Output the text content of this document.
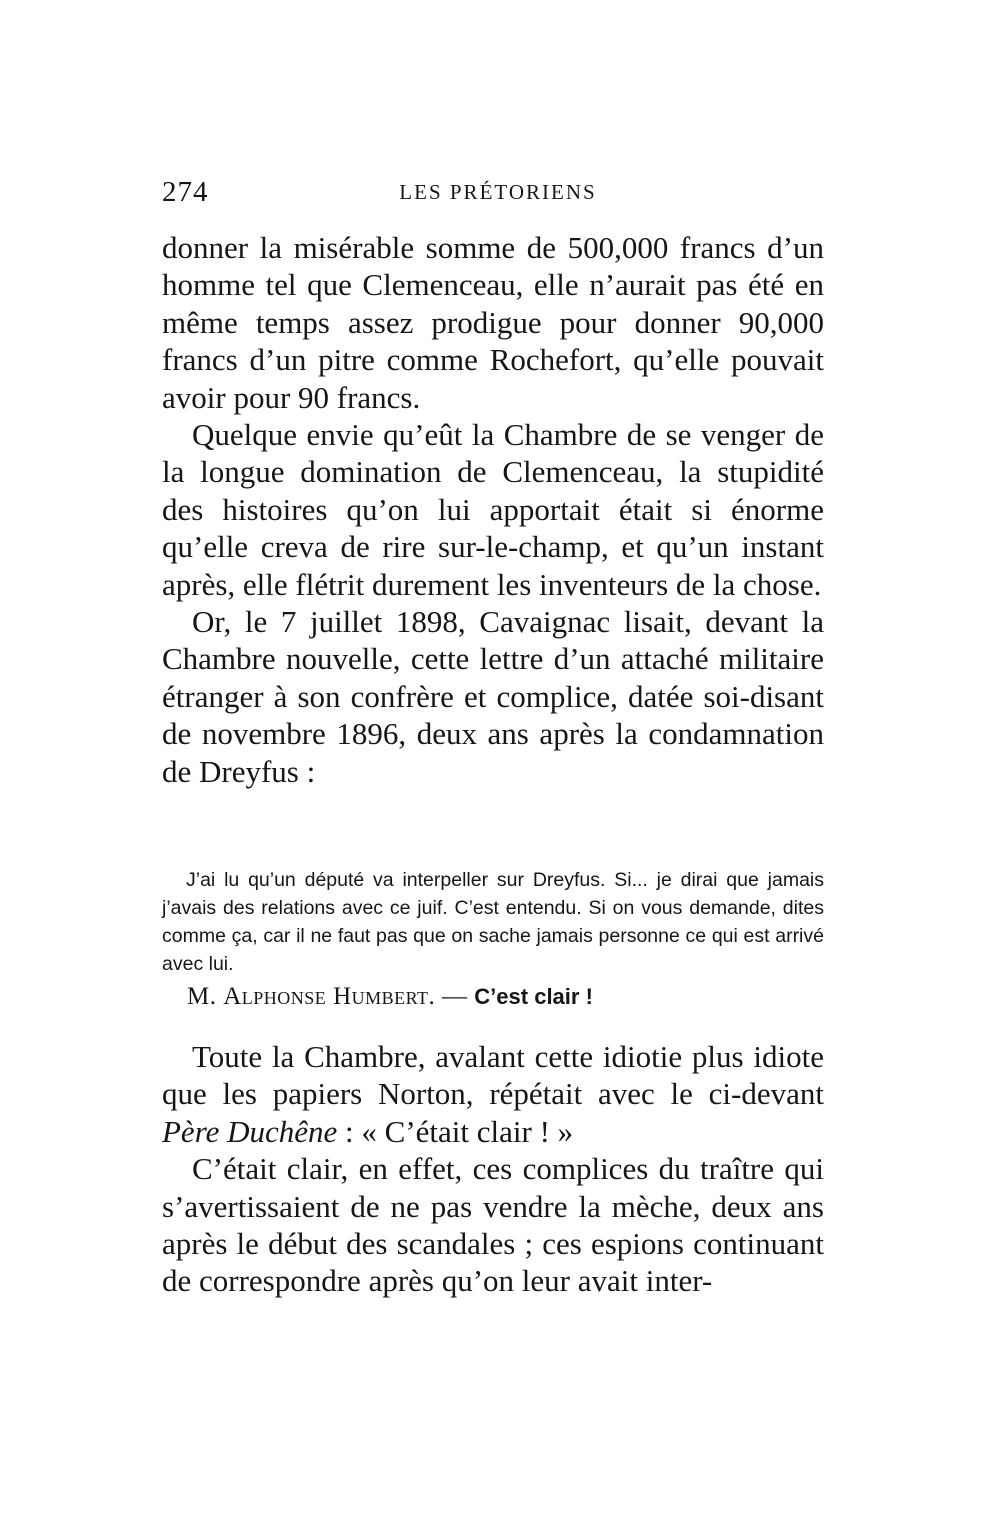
274	LES PRÉTORIENS

donner la misérable somme de 500,000 francs d’un homme tel que Clemenceau, elle n’aurait pas été en même temps assez prodigue pour donner 90,000 francs d’un pitre comme Rochefort, qu’elle pouvait avoir pour 90 francs.

Quelque envie qu’eût la Chambre de se venger de la longue domination de Clemenceau, la stupidité des histoires qu’on lui apportait était si énorme qu’elle creva de rire sur-le-champ, et qu’un instant après, elle flétrit durement les inventeurs de la chose.

Or, le 7 juillet 1898, Cavaignac lisait, devant la Chambre nouvelle, cette lettre d’un attaché militaire étranger à son confrère et complice, datée soi-disant de novembre 1896, deux ans après la condamnation de Dreyfus :

J’ai lu qu’un député va interpeller sur Dreyfus. Si... je dirai que jamais j’avais des relations avec ce juif. C’est entendu. Si on vous demande, dites comme ça, car il ne faut pas que on sache jamais personne ce qui est arrivé avec lui.

M. Alphonse Humbert. — C’est clair !

Toute la Chambre, avalant cette idiotie plus idiote que les papiers Norton, répétait avec le ci-devant Père Duchêne : « C’était clair ! »

C’était clair, en effet, ces complices du traître qui s’avertissaient de ne pas vendre la mèche, deux ans après le début des scandales ; ces espions continuant de correspondre après qu’on leur avait inter-
